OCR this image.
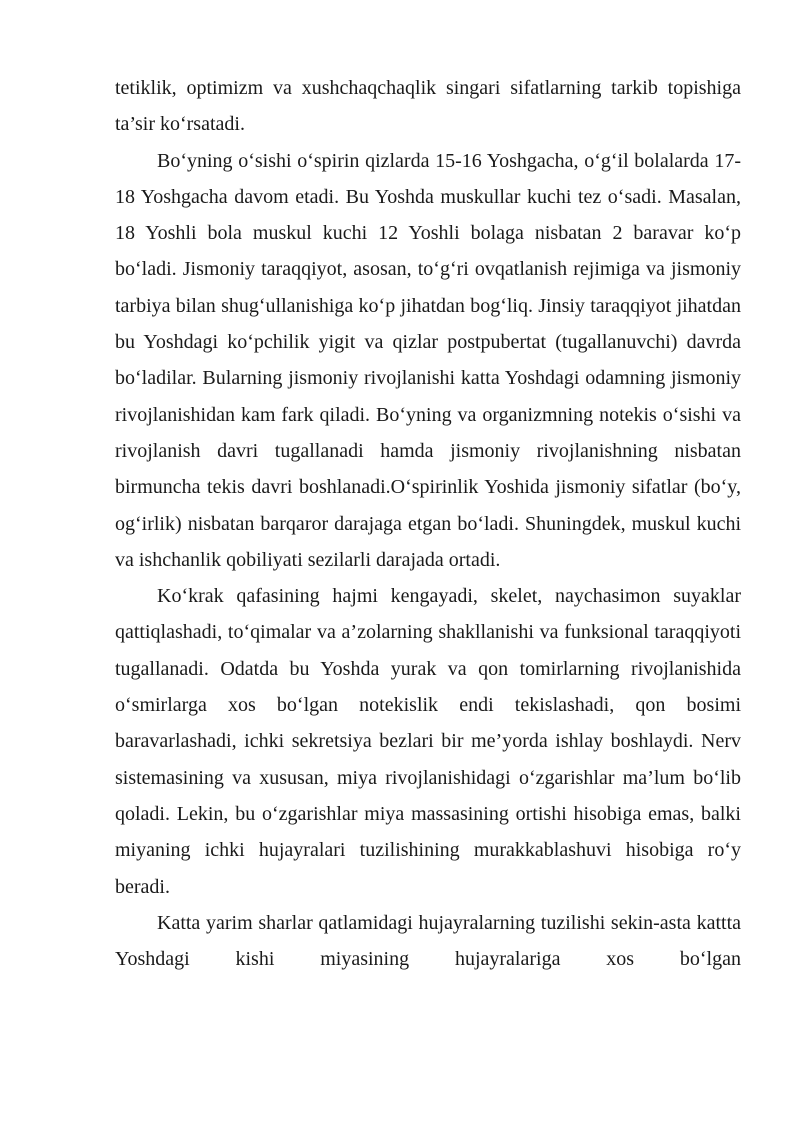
tetiklik, optimizm va xushchaqchaqlik singari sifatlarning tarkib topishiga ta’sir ko‘rsatadi.

Bo‘yning o‘sishi o‘spirin qizlarda 15-16 Yoshgacha, o‘g‘il bolalarda 17-18 Yoshgacha davom etadi. Bu Yoshda muskullar kuchi tez o‘sadi. Masalan, 18 Yoshli bola muskul kuchi 12 Yoshli bolaga nisbatan 2 baravar ko‘p bo‘ladi. Jismoniy taraqqiyot, asosan, to‘g‘ri ovqatlanish rejimiga va jismoniy tarbiya bilan shug‘ullanishiga ko‘p jihatdan bog‘liq. Jinsiy taraqqiyot jihatdan bu Yoshdagi ko‘pchilik yigit va qizlar postpubertat (tugallanuvchi) davrda bo‘ladilar. Bularning jismoniy rivojlanishi katta Yoshdagi odamning jismoniy rivojlanishidan kam fark qiladi. Bo‘yning va organizmning notekis o‘sishi va rivojlanish davri tugallanadi hamda jismoniy rivojlanishning nisbatan birmuncha tekis davri boshlanadi.O‘spirinlik Yoshida jismoniy sifatlar (bo‘y, og‘irlik) nisbatan barqaror darajaga etgan bo‘ladi. Shuningdek, muskul kuchi va ishchanlik qobiliyati sezilarli darajada ortadi.

Ko‘krak qafasining hajmi kengayadi, skelet, naychasimon suyaklar qattiqlashadi, to‘qimalar va a’zolarning shakllanishi va funksional taraqqiyoti tugallanadi. Odatda bu Yoshda yurak va qon tomirlarning rivojlanishida o‘smirlarga xos bo‘lgan notekislik endi tekislashadi, qon bosimi baravarlashadi, ichki sekretsiya bezlari bir me’yorda ishlay boshlaydi. Nerv sistemasining va xususan, miya rivojlanishidagi o‘zgarishlar ma’lum bo‘lib qoladi. Lekin, bu o‘zgarishlar miya massasining ortishi hisobiga emas, balki miyaning ichki hujayralari tuzilishining murakkablashuvi hisobiga ro‘y beradi.

Katta yarim sharlar qatlamidagi hujayralarning tuzilishi sekin-asta kattta Yoshdagi kishi miyasining hujayralariga xos bo‘lgan
